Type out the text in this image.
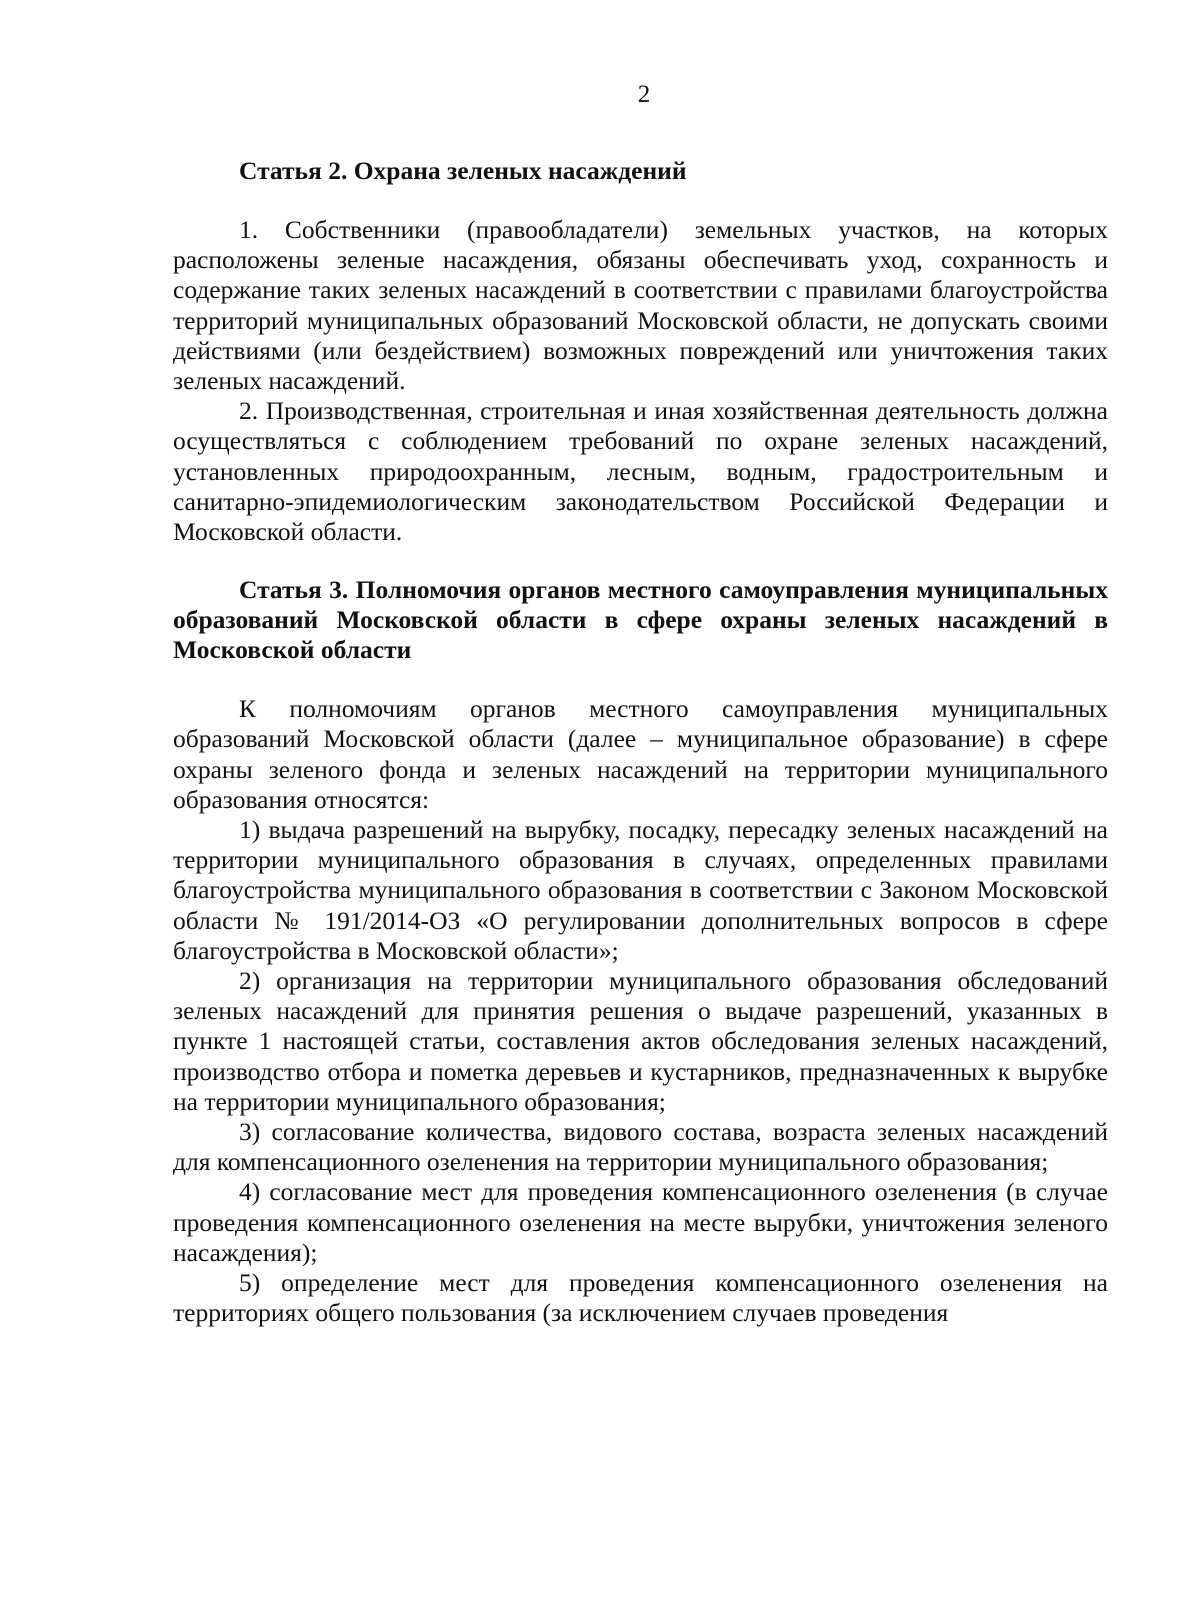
2

Статья 2. Охрана зеленых насаждений

1. Собственники (правообладатели) земельных участков, на которых расположены зеленые насаждения, обязаны обеспечивать уход, сохранность и содержание таких зеленых насаждений в соответствии с правилами благоустройства территорий муниципальных образований Московской области, не допускать своими действиями (или бездействием) возможных повреждений или уничтожения таких зеленых насаждений.

2. Производственная, строительная и иная хозяйственная деятельность должна осуществляться с соблюдением требований по охране зеленых насаждений, установленных природоохранным, лесным, водным, градостроительным и санитарно-эпидемиологическим законодательством Российской Федерации и Московской области.

Статья 3. Полномочия органов местного самоуправления муниципальных образований Московской области в сфере охраны зеленых насаждений в Московской области

К полномочиям органов местного самоуправления муниципальных образований Московской области (далее – муниципальное образование) в сфере охраны зеленого фонда и зеленых насаждений на территории муниципального образования относятся:

1) выдача разрешений на вырубку, посадку, пересадку зеленых насаждений на территории муниципального образования в случаях, определенных правилами благоустройства муниципального образования в соответствии с Законом Московской области № 191/2014-ОЗ «О регулировании дополнительных вопросов в сфере благоустройства в Московской области»;

2) организация на территории муниципального образования обследований зеленых насаждений для принятия решения о выдаче разрешений, указанных в пункте 1 настоящей статьи, составления актов обследования зеленых насаждений, производство отбора и пометка деревьев и кустарников, предназначенных к вырубке на территории муниципального образования;

3) согласование количества, видового состава, возраста зеленых насаждений для компенсационного озеленения на территории муниципального образования;

4) согласование мест для проведения компенсационного озеленения (в случае проведения компенсационного озеленения на месте вырубки, уничтожения зеленого насаждения);

5) определение мест для проведения компенсационного озеленения на территориях общего пользования (за исключением случаев проведения
